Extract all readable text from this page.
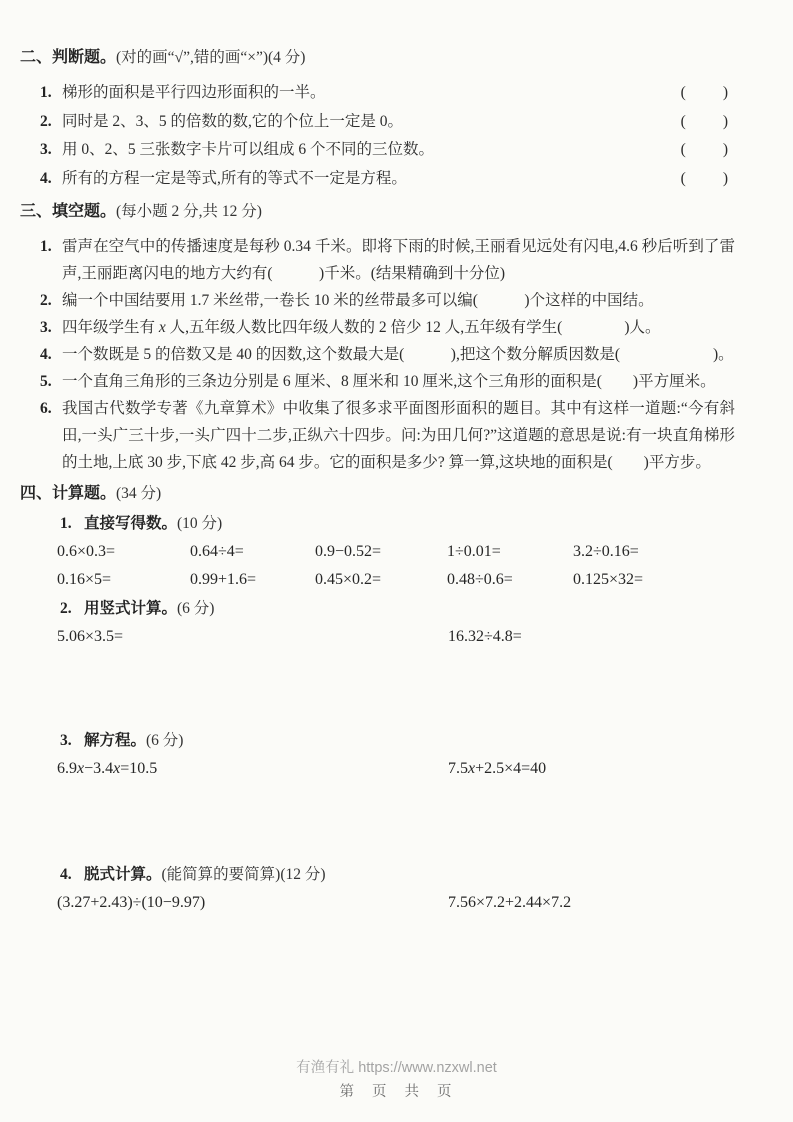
二、判断题。(对的画“√”,错的画“×”)(4 分)
1. 梯形的面积是平行四边形面积的一半。	(　　)
2. 同时是 2、3、5 的倍数的数,它的个位上一定是 0。	(　　)
3. 用 0、2、5 三张数字卡片可以组成 6 个不同的三位数。	(　　)
4. 所有的方程一定是等式,所有的等式不一定是方程。	(　　)
三、填空题。(每小题 2 分,共 12 分)
1. 雷声在空气中的传播速度是每秒 0.34 千米。即将下雨的时候,王丽看见远处有闪电,4.6 秒后听到了雷声,王丽距离闪电的地方大约有(　　　)千米。(结果精确到十分位)
2. 编一个中国结要用 1.7 米丝带,一卷长 10 米的丝带最多可以编(　　　)个这样的中国结。
3. 四年级学生有 x 人,五年级人数比四年级人数的 2 倍少 12 人,五年级有学生(　　　　)人。
4. 一个数既是 5 的倍数又是 40 的因数,这个数最大是(　　　),把这个数分解质因数是(　　　　　　)。
5. 一个直角三角形的三条边分别是 6 厘米、8 厘米和 10 厘米,这个三角形的面积是(　　)平方厘米。
6. 我国古代数学专著《九章算术》中收集了很多求平面图形面积的题目。其中有这样一道题:“今有斜田,一头广三十步,一头广四十二步,正纵六十四步。问:为田几何?”这道题的意思是说:有一块直角梯形的土地,上底 30 步,下底 42 步,高 64 步。它的面积是多少? 算一算,这块地的面积是(　　)平方步。
四、计算题。(34 分)
1. 直接写得数。(10 分)
0.6×0.3=	0.64÷4=	0.9−0.52=	1÷0.01=	3.2÷0.16=
0.16×5=	0.99+1.6=	0.45×0.2=	0.48÷0.6=	0.125×32=
2. 用竖式计算。(6 分)
5.06×3.5=	16.32÷4.8=
3. 解方程。(6 分)
6.9x−3.4x=10.5	7.5x+2.5×4=40
4. 脱式计算。(能简算的要简算)(12 分)
(3.27+2.43)÷(10−9.97)	7.56×7.2+2.44×7.2
有渔有礼 https://www.nzxwl.net
第 页 共 页
